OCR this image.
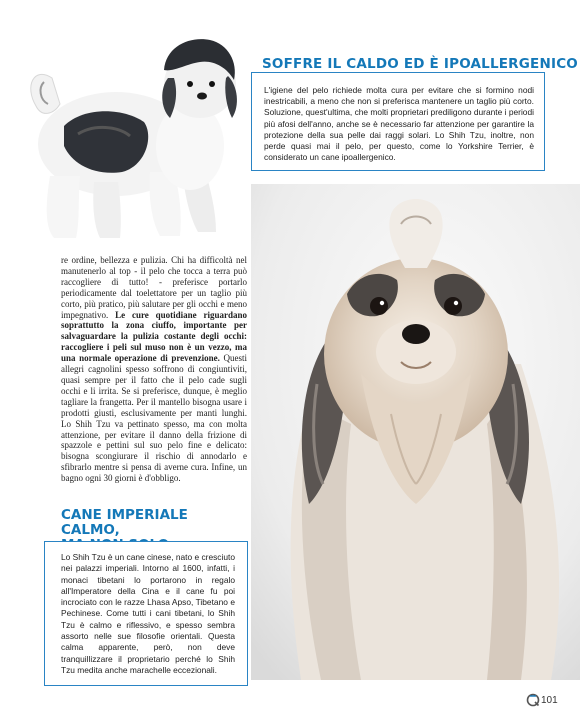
SOFFRE IL CALDO ED È IPOALLERGENICO

L'igiene del pelo richiede molta cura per evitare che si formino nodi inestricabili, a meno che non si preferisca mantenere un taglio più corto. Soluzione, quest'ultima, che molti proprietari prediligono durante i periodi più afosi dell'anno, anche se è necessario far attenzione per garantire la protezione della sua pelle dai raggi solari. Lo Shih Tzu, inoltre, non perde quasi mai il pelo, per questo, come lo Yorkshire Terrier, è considerato un cane ipoallergenico.

re ordine, bellezza e pulizia. Chi ha difficoltà nel manutenerlo al top - il pelo che tocca a terra può raccogliere di tutto! - preferisce portarlo periodicamente dal toelettatore per un taglio più corto, più pratico, più salutare per gli occhi e meno impegnativo. Le cure quotidiane riguardano soprattutto la zona ciuffo, importante per salvaguardare la pulizia costante degli occhi: raccogliere i peli sul muso non è un vezzo, ma una normale operazione di prevenzione. Questi allegri cagnolini spesso soffrono di congiuntiviti, quasi sempre per il fatto che il pelo cade sugli occhi e li irrita. Se si preferisce, dunque, è meglio tagliare la frangetta. Per il mantello bisogna usare i prodotti giusti, esclusivamente per manti lunghi. Lo Shih Tzu va pettinato spesso, ma con molta attenzione, per evitare il danno della frizione di spazzole e pettini sul suo pelo fine e delicato: bisogna scongiurare il rischio di annodarlo e sfibrarlo mentre si pensa di averne cura. Infine, un bagno ogni 30 giorni è d'obbligo.
CANE IMPERIALE CALMO,

Lo Shih Tzu è un cane cinese, nato e cresciuto nei palazzi imperiali. Intorno al 1600, infatti, i monaci tibetani lo portarono in regalo all'Imperatore della Cina e il cane fu poi incrociato con le razze Lhasa Apso, Tibetano e Pechinese. Come tutti i cani tibetani, lo Shih Tzu è calmo e riflessivo, e spesso sembra assorto nelle sue filosofie orientali. Questa calma apparente, però, non deve tranquillizzare il proprietario perché lo Shih Tzu medita anche marachelle eccezionali.

101
